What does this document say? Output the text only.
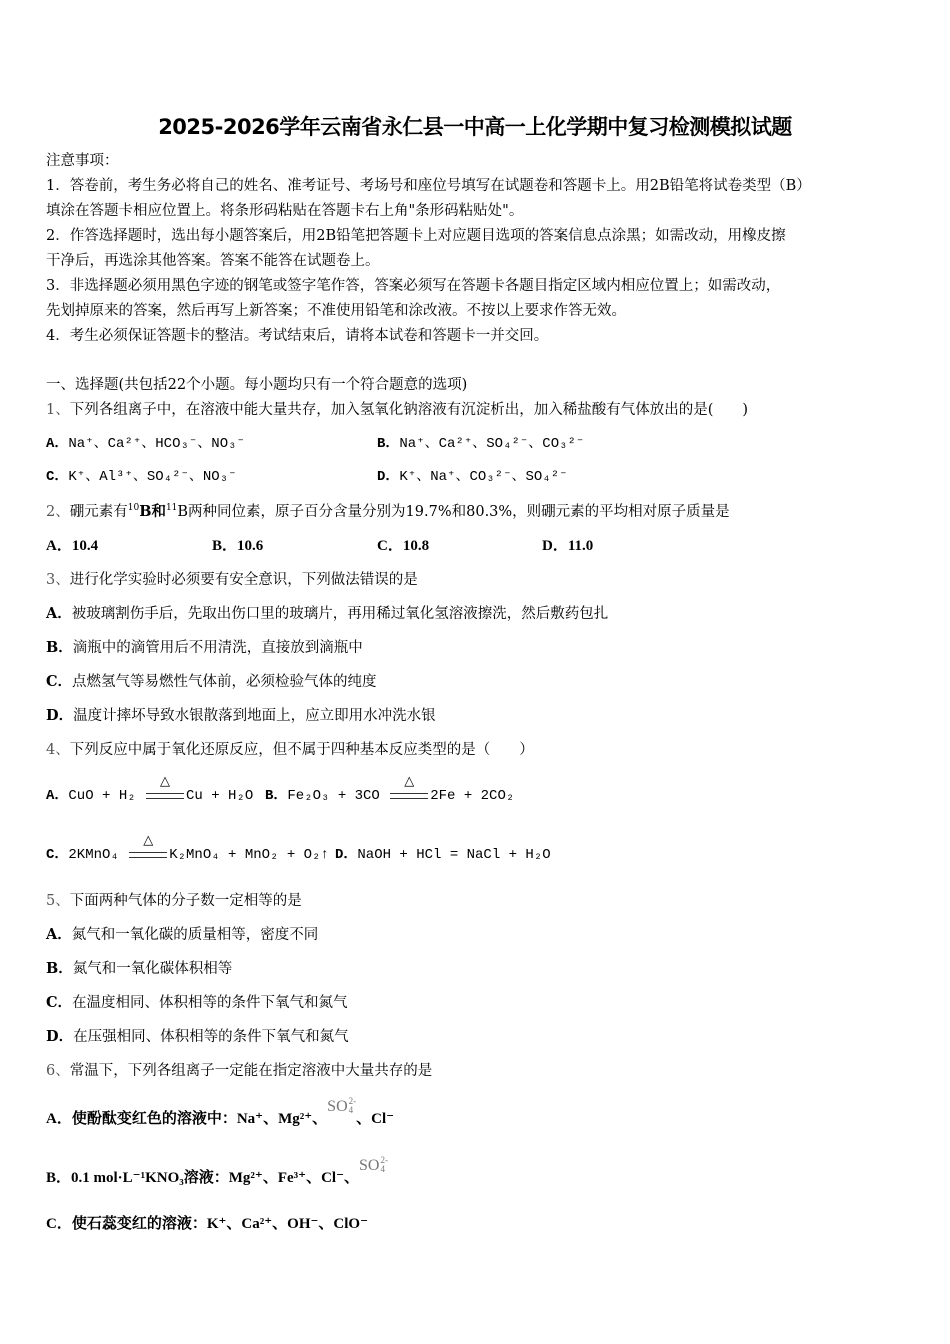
2025-2026学年云南省永仁县一中高一上化学期中复习检测模拟试题
注意事项：
1．答卷前，考生务必将自己的姓名、准考证号、考场号和座位号填写在试题卷和答题卡上。用2B铅笔将试卷类型（B）
填涂在答题卡相应位置上。将条形码粘贴在答题卡右上角"条形码粘贴处"。
2．作答选择题时，选出每小题答案后，用2B铅笔把答题卡上对应题目选项的答案信息点涂黑；如需改动，用橡皮擦
干净后，再选涂其他答案。答案不能答在试题卷上。
3．非选择题必须用黑色字迹的钢笔或签字笔作答，答案必须写在答题卡各题目指定区域内相应位置上；如需改动，
先划掉原来的答案，然后再写上新答案；不准使用铅笔和涂改液。不按以上要求作答无效。
4．考生必须保证答题卡的整洁。考试结束后，请将本试卷和答题卡一并交回。
一、选择题(共包括22个小题。每小题均只有一个符合题意的选项)
1、下列各组离子中，在溶液中能大量共存，加入氢氧化钠溶液有沉淀析出，加入稀盐酸有气体放出的是(　　)
A．Na⁺、Ca²⁺、HCO₃⁻、NO₃⁻	B．Na⁺、Ca²⁺、SO₄²⁻、CO₃²⁻
C．K⁺、Al³⁺、SO₄²⁻、NO₃⁻	D．K⁺、Na⁺、CO₃²⁻、SO₄²⁻
2、硼元素有$^{10}$B和$^{11}$B两种同位素，原子百分含量分别为19.7%和80.3%，则硼元素的平均相对原子质量是
A．10.4	B．10.6	C．10.8	D．11.0
3、进行化学实验时必须要有安全意识，下列做法错误的是
A．被玻璃割伤手后，先取出伤口里的玻璃片，再用稀过氧化氢溶液擦洗，然后敷药包扎
B．滴瓶中的滴管用后不用清洗，直接放到滴瓶中
C．点燃氢气等易燃性气体前，必须检验气体的纯度
D．温度计摔坏导致水银散落到地面上，应立即用水冲洗水银
4、下列反应中属于氧化还原反应，但不属于四种基本反应类型的是（　　）
A．CuO + H₂
△
Cu + H₂O B．Fe₂O₃ + 3CO
△
2Fe + 2CO₂
C．2KMnO₄
△
K₂MnO₄ + MnO₂ + O₂↑ D．NaOH + HCl = NaCl + H₂O
5、下面两种气体的分子数一定相等的是
A．氮气和一氧化碳的质量相等，密度不同
B．氮气和一氧化碳体积相等
C．在温度相同、体积相等的条件下氧气和氮气
D．在压强相同、体积相等的条件下氧气和氮气
6、常温下，下列各组离子一定能在指定溶液中大量共存的是
A．使酚酞变红色的溶液中：Na⁺、Mg²⁺、SO 2-
4
、Cl⁻
B．0.1 mol·L⁻¹KNO₃溶液：Mg²⁺、Fe³⁺、Cl⁻、SO 2-
4
C．使石蕊变红的溶液：K⁺、Ca²⁺、OH⁻、ClO⁻
